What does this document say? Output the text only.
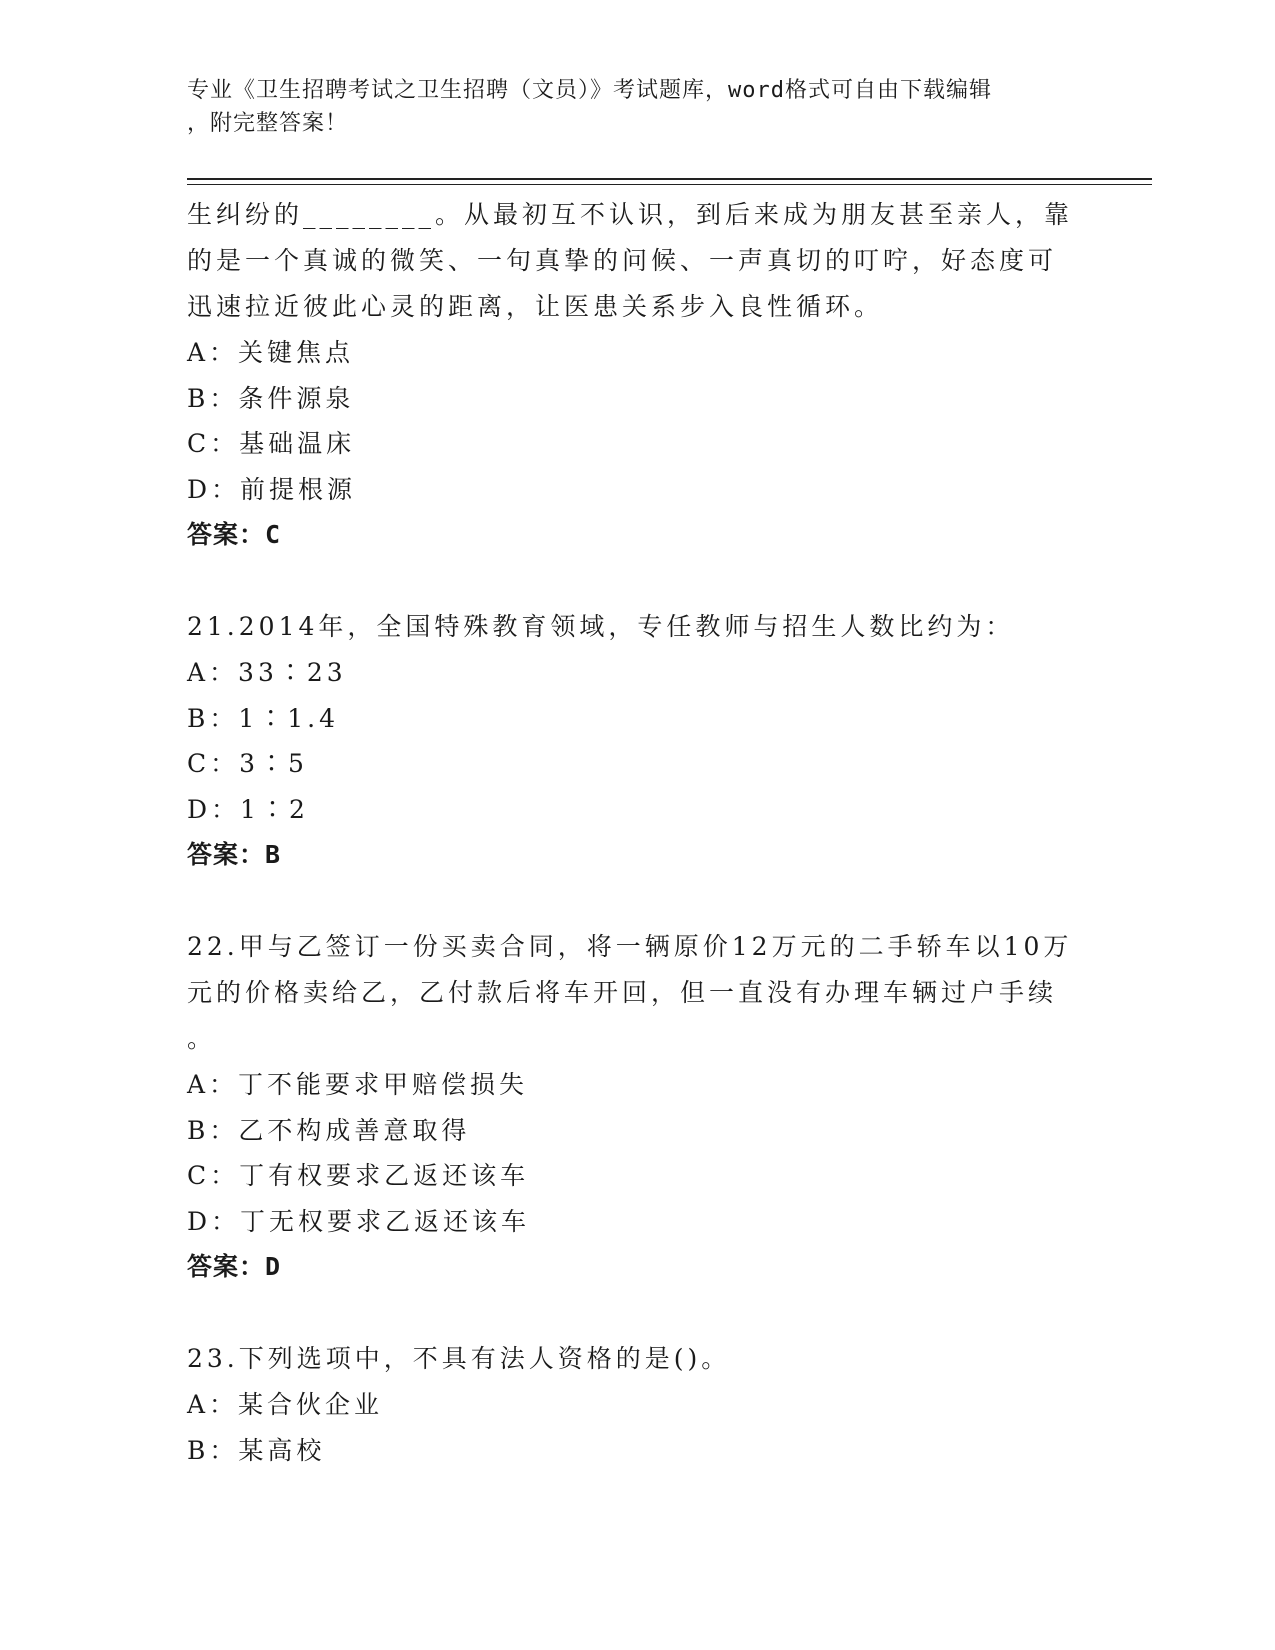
专业《卫生招聘考试之卫生招聘（文员）》考试题库，word格式可自由下载编辑
，附完整答案！

生纠纷的________。从最初互不认识，到后来成为朋友甚至亲人，靠

的是一个真诚的微笑、一句真挚的问候、一声真切的叮咛，好态度可

迅速拉近彼此心灵的距离，让医患关系步入良性循环。

A：关键焦点

B：条件源泉

C：基础温床

D：前提根源

答案：C

21.2014年，全国特殊教育领域，专任教师与招生人数比约为：

A：33∶23

B：1∶1.4

C：3∶5

D：1∶2

答案：B

22.甲与乙签订一份买卖合同，将一辆原价12万元的二手轿车以10万

元的价格卖给乙，乙付款后将车开回，但一直没有办理车辆过户手续

。

A：丁不能要求甲赔偿损失

B：乙不构成善意取得

C：丁有权要求乙返还该车

D：丁无权要求乙返还该车

答案：D

23.下列选项中，不具有法人资格的是()。

A：某合伙企业

B：某高校
